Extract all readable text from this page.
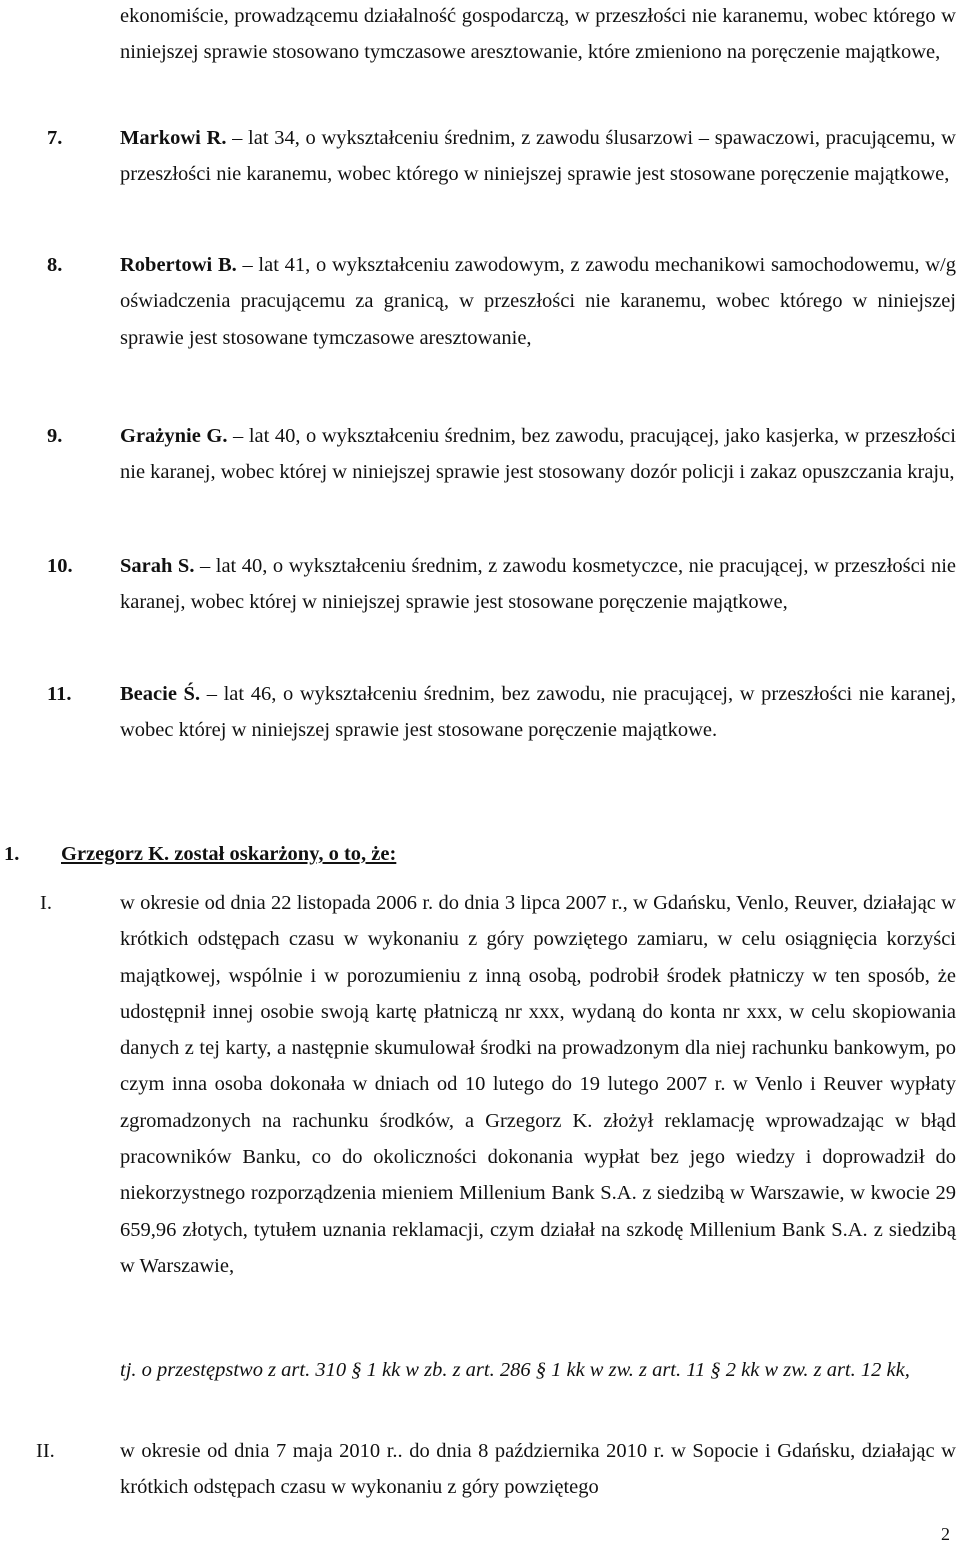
ekonomiście, prowadzącemu działalność gospodarczą, w przeszłości nie karanemu, wobec którego w niniejszej sprawie stosowano tymczasowe aresztowanie, które zmieniono na poręczenie majątkowe,

7.	Markowi R. – lat 34, o wykształceniu średnim, z zawodu ślusarzowi – spawaczowi, pracującemu, w przeszłości nie karanemu, wobec którego w niniejszej sprawie jest stosowane poręczenie majątkowe,

8.	Robertowi B. – lat 41, o wykształceniu zawodowym, z zawodu mechanikowi samochodowemu, w/g oświadczenia pracującemu za granicą, w przeszłości nie karanemu, wobec którego w niniejszej sprawie jest stosowane tymczasowe aresztowanie,

9.	Grażynie G. – lat 40, o wykształceniu średnim, bez zawodu, pracującej, jako kasjerka, w przeszłości nie karanej, wobec której w niniejszej sprawie jest stosowany dozór policji i zakaz opuszczania kraju,

10. Sarah S. – lat 40, o wykształceniu średnim, z zawodu kosmetyczce, nie pracującej, w przeszłości nie karanej, wobec której w niniejszej sprawie jest stosowane poręczenie majątkowe,

11. Beacie Ś. – lat 46, o wykształceniu średnim, bez zawodu, nie pracującej, w przeszłości nie karanej, wobec której w niniejszej sprawie jest stosowane poręczenie majątkowe.

1. Grzegorz K. został oskarżony, o to, że:
I.	w okresie od dnia 22 listopada 2006 r. do dnia 3 lipca 2007 r., w Gdańsku, Venlo, Reuver, działając w krótkich odstępach czasu w wykonaniu z góry powziętego zamiaru, w celu osiągnięcia korzyści majątkowej, wspólnie i w porozumieniu z inną osobą, podrobił środek płatniczy w ten sposób, że udostępnił innej osobie swoją kartę płatniczą nr xxx, wydaną do konta nr xxx, w celu skopiowania danych z tej karty, a następnie skumulował środki na prowadzonym dla niej rachunku bankowym, po czym inna osoba dokonała w dniach od 10 lutego do 19 lutego 2007 r. w Venlo i Reuver wypłaty zgromadzonych na rachunku środków, a Grzegorz K. złożył reklamację wprowadzając w błąd pracowników Banku, co do okoliczności dokonania wypłat bez jego wiedzy i doprowadził do niekorzystnego rozporządzenia mieniem Millenium Bank S.A. z siedzibą w Warszawie, w kwocie 29 659,96 złotych, tytułem uznania reklamacji, czym działał na szkodę Millenium Bank S.A. z siedzibą w Warszawie,

tj. o przestępstwo z art. 310 § 1 kk w zb. z art. 286 § 1 kk w zw. z art. 11 § 2 kk w zw. z art. 12 kk,

II.	w okresie od dnia 7 maja 2010 r.. do dnia 8 października 2010 r. w Sopocie i Gdańsku, działając w krótkich odstępach czasu w wykonaniu z góry powziętego

2
